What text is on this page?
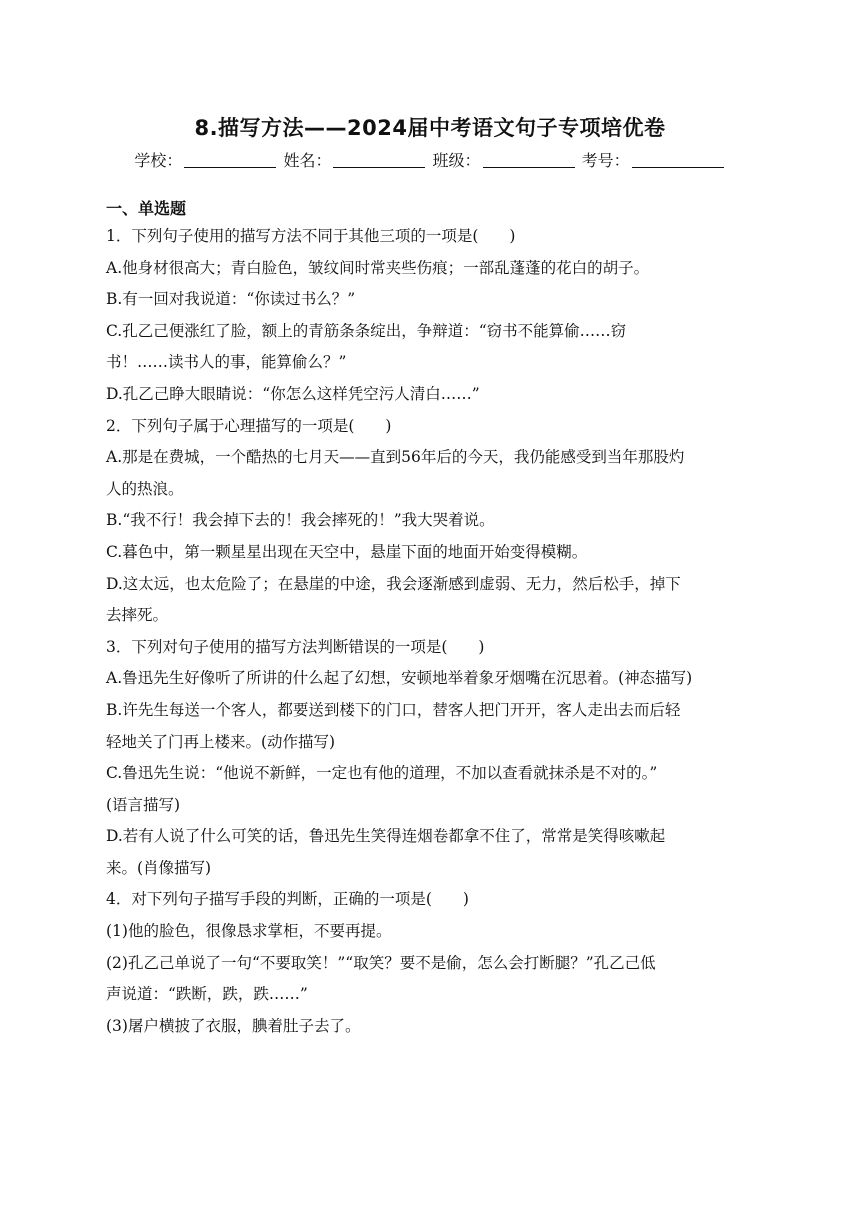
8.描写方法——2024届中考语文句子专项培优卷
学校：	姓名：	班级：	考号：
一、单选题
1．下列句子使用的描写方法不同于其他三项的一项是(　　)
A.他身材很高大；青白脸色，皱纹间时常夹些伤痕；一部乱蓬蓬的花白的胡子。
B.有一回对我说道：“你读过书么？”
C.孔乙己便涨红了脸，额上的青筋条条绽出，争辩道：“窃书不能算偷……窃
书！……读书人的事，能算偷么？”
D.孔乙己睁大眼睛说：“你怎么这样凭空污人清白……”
2．下列句子属于心理描写的一项是(　　)
A.那是在费城，一个酷热的七月天——直到56年后的今天，我仍能感受到当年那股灼
人的热浪。
B.“我不行！我会掉下去的！我会摔死的！”我大哭着说。
C.暮色中，第一颗星星出现在天空中，悬崖下面的地面开始变得模糊。
D.这太远，也太危险了；在悬崖的中途，我会逐渐感到虚弱、无力，然后松手，掉下
去摔死。
3．下列对句子使用的描写方法判断错误的一项是(　　)
A.鲁迅先生好像听了所讲的什么起了幻想，安顿地举着象牙烟嘴在沉思着。(神态描写)
B.许先生每送一个客人，都要送到楼下的门口，替客人把门开开，客人走出去而后轻
轻地关了门再上楼来。(动作描写)
C.鲁迅先生说：“他说不新鲜，一定也有他的道理，不加以查看就抹杀是不对的。”
(语言描写)
D.若有人说了什么可笑的话，鲁迅先生笑得连烟卷都拿不住了，常常是笑得咳嗽起
来。(肖像描写)
4．对下列句子描写手段的判断，正确的一项是(　　)
(1)他的脸色，很像恳求掌柜，不要再提。
(2)孔乙己单说了一句“不要取笑！”“取笑？要不是偷，怎么会打断腿？”孔乙己低
声说道：“跌断，跌，跌……”
(3)屠户横披了衣服，腆着肚子去了。
